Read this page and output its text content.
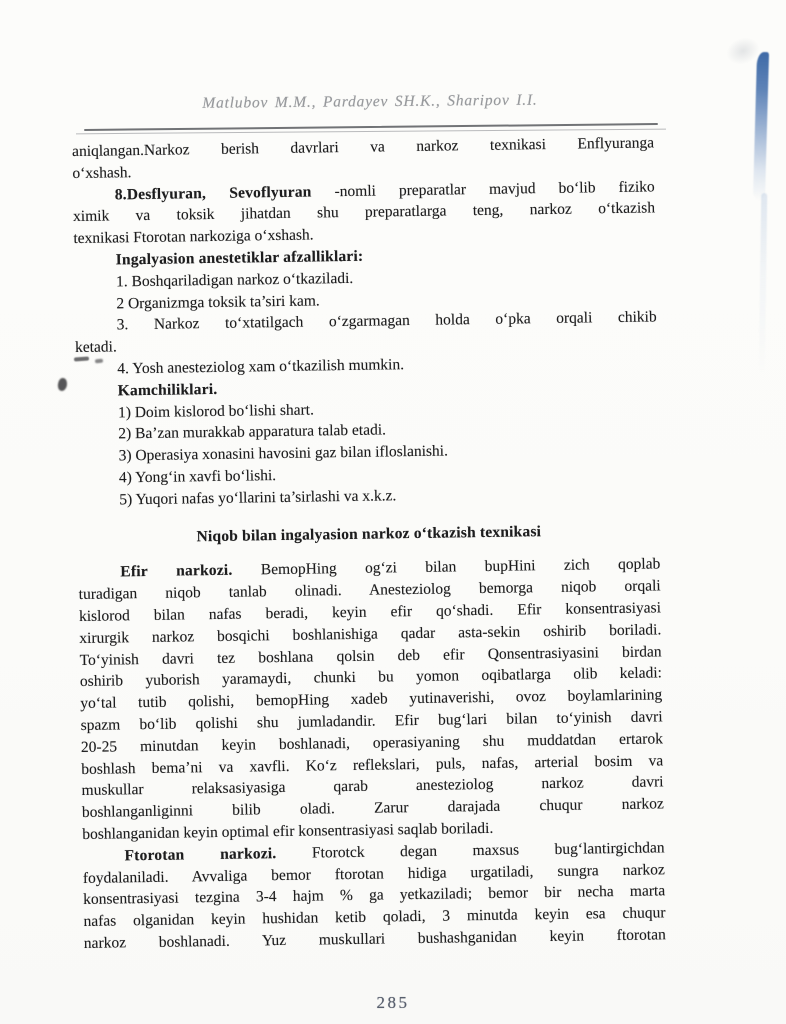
Matlubov M.M., Pardayev SH.K., Sharipov I.I.
aniqlangan.Narkoz berish davrlari va narkoz texnikasi Enflyuranga
o‘xshash.
8.Desflyuran, Sevoflyuran -nomli preparatlar mavjud bo‘lib fiziko
ximik va toksik jihatdan shu preparatlarga teng, narkoz o‘tkazish
texnikasi Ftorotan narkoziga o‘xshash.
Ingalyasion anestetiklar afzalliklari:
1. Boshqariladigan narkoz o‘tkaziladi.
2 Organizmga toksik ta’siri kam.
3. Narkoz to‘xtatilgach o‘zgarmagan holda o‘pka orqali chikib
ketadi.
4. Yosh anesteziolog xam o‘tkazilish mumkin.
Kamchiliklari.
1) Doim kislorod bo‘lishi shart.
2) Ba’zan murakkab apparatura talab etadi.
3) Operasiya xonasini havosini gaz bilan ifloslanishi.
4) Yong‘in xavfi bo‘lishi.
5) Yuqori nafas yo‘llarini ta’sirlashi va x.k.z.
Niqob bilan ingalyasion narkoz o‘tkazish texnikasi
Efir narkozi. BemopHing og‘zi bilan bupHini zich qoplab
turadigan niqob tanlab olinadi. Anesteziolog bemorga niqob orqali
kislorod bilan nafas beradi, keyin efir qo‘shadi. Efir konsentrasiyasi
xirurgik narkoz bosqichi boshlanishiga qadar asta-sekin oshirib boriladi.
To‘yinish davri tez boshlana qolsin deb efir Qonsentrasiyasini birdan
oshirib yuborish yaramaydi, chunki bu yomon oqibatlarga olib keladi:
yo‘tal tutib qolishi, bemopHing xadeb yutinaverishi, ovoz boylamlarining
spazm bo‘lib qolishi shu jumladandir. Efir bug‘lari bilan to‘yinish davri
20-25 minutdan keyin boshlanadi, operasiyaning shu muddatdan ertarok
boshlash bema’ni va xavfli. Ko‘z reflekslari, puls, nafas, arterial bosim va
muskullar relaksasiyasiga qarab anesteziolog narkoz davri
boshlanganliginni bilib oladi. Zarur darajada chuqur narkoz
boshlanganidan keyin optimal efir konsentrasiyasi saqlab boriladi.
Ftorotan narkozi. Ftorotck degan maxsus bug‘lantirgichdan
foydalaniladi. Avvaliga bemor ftorotan hidiga urgatiladi, sungra narkoz
konsentrasiyasi tezgina 3-4 hajm % ga yetkaziladi; bemor bir necha marta
nafas olganidan keyin hushidan ketib qoladi, 3 minutda keyin esa chuqur
narkoz boshlanadi. Yuz muskullari bushashganidan keyin ftorotan
285
